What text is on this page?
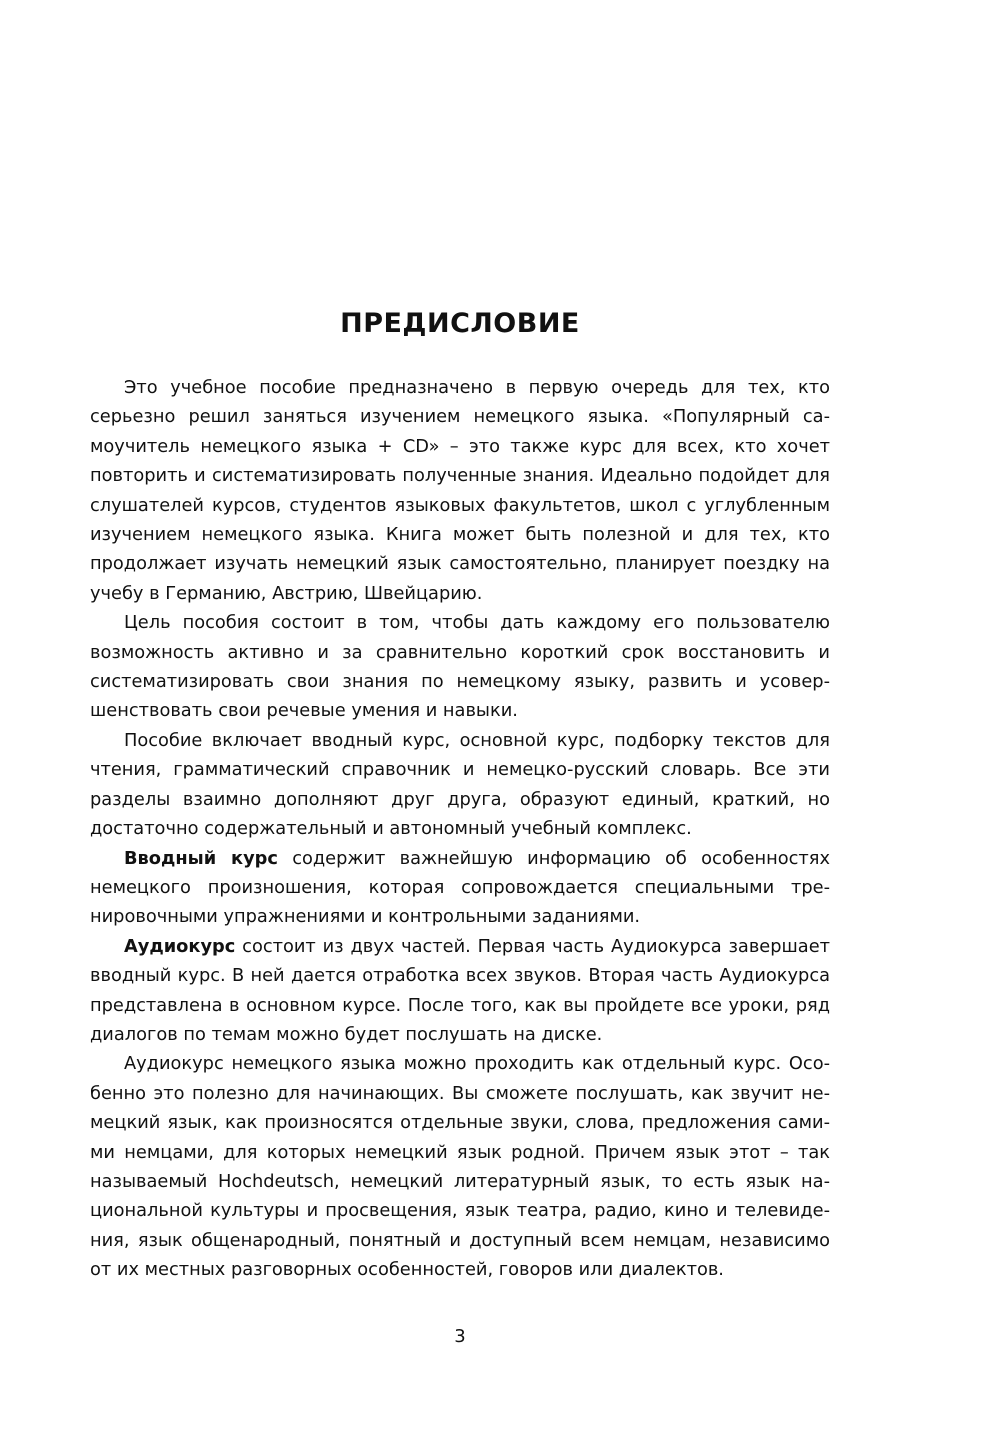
ПРЕДИСЛОВИЕ

Это учебное пособие предназначено в первую очередь для тех, кто серьезно решил заняться изучением немецкого языка. «Популярный самоучитель немецкого языка + CD» – это также курс для всех, кто хочет повторить и систематизировать полученные знания. Идеально подойдет для слушателей курсов, студентов языковых факультетов, школ с углубленным изучением немецкого языка. Книга может быть полезной и для тех, кто продолжает изучать немецкий язык самостоятельно, планирует поездку на учебу в Германию, Австрию, Швейцарию.

Цель пособия состоит в том, чтобы дать каждому его пользователю возможность активно и за сравнительно короткий срок восстановить и систематизировать свои знания по немецкому языку, развить и усовершенствовать свои речевые умения и навыки.

Пособие включает вводный курс, основной курс, подборку текстов для чтения, грамматический справочник и немецко-русский словарь. Все эти разделы взаимно дополняют друг друга, образуют единый, краткий, но достаточно содержательный и автономный учебный комплекс.

Вводный курс содержит важнейшую информацию об особенностях немецкого произношения, которая сопровождается специальными тренировочными упражнениями и контрольными заданиями.

Аудиокурс состоит из двух частей. Первая часть Аудиокурса завершает вводный курс. В ней дается отработка всех звуков. Вторая часть Аудиокурса представлена в основном курсе. После того, как вы пройдете все уроки, ряд диалогов по темам можно будет послушать на диске.

Аудиокурс немецкого языка можно проходить как отдельный курс. Особенно это полезно для начинающих. Вы сможете послушать, как звучит немецкий язык, как произносятся отдельные звуки, слова, предложения самими немцами, для которых немецкий язык родной. Причем язык этот – так называемый Hochdeutsch, немецкий литературный язык, то есть язык национальной культуры и просвещения, язык театра, радио, кино и телевидения, язык общенародный, понятный и доступный всем немцам, независимо от их местных разговорных особенностей, говоров или диалектов.

3
